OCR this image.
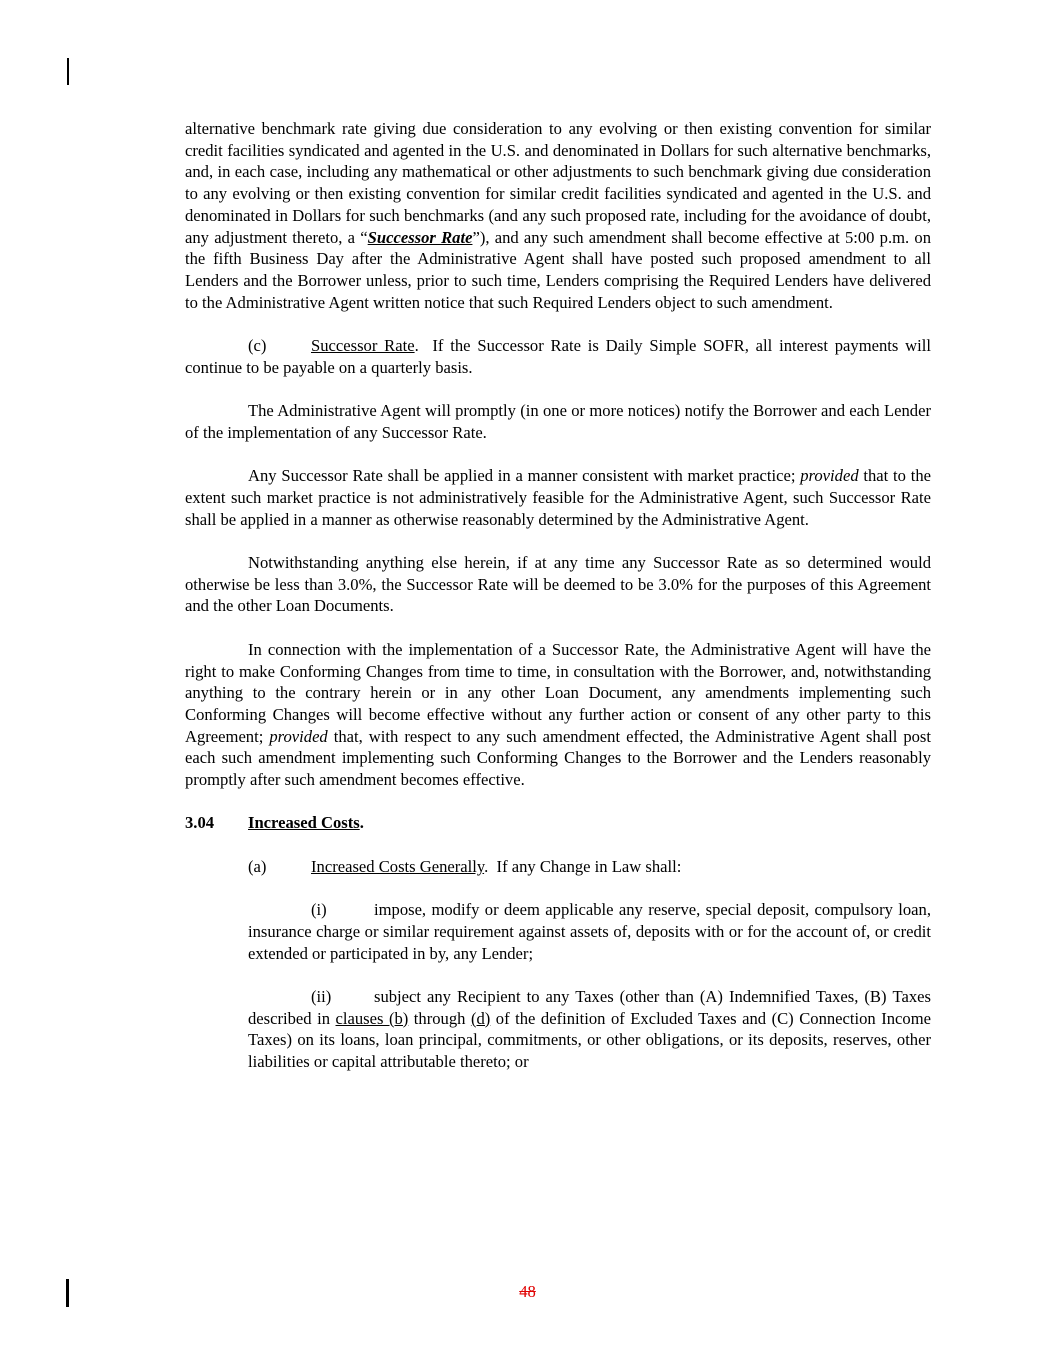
alternative benchmark rate giving due consideration to any evolving or then existing convention for similar credit facilities syndicated and agented in the U.S. and denominated in Dollars for such alternative benchmarks, and, in each case, including any mathematical or other adjustments to such benchmark giving due consideration to any evolving or then existing convention for similar credit facilities syndicated and agented in the U.S. and denominated in Dollars for such benchmarks (and any such proposed rate, including for the avoidance of doubt, any adjustment thereto, a “Successor Rate”), and any such amendment shall become effective at 5:00 p.m. on the fifth Business Day after the Administrative Agent shall have posted such proposed amendment to all Lenders and the Borrower unless, prior to such time, Lenders comprising the Required Lenders have delivered to the Administrative Agent written notice that such Required Lenders object to such amendment.

(c)	Successor Rate.  If the Successor Rate is Daily Simple SOFR, all interest payments will continue to be payable on a quarterly basis.

The Administrative Agent will promptly (in one or more notices) notify the Borrower and each Lender of the implementation of any Successor Rate.

Any Successor Rate shall be applied in a manner consistent with market practice; provided that to the extent such market practice is not administratively feasible for the Administrative Agent, such Successor Rate shall be applied in a manner as otherwise reasonably determined by the Administrative Agent.

Notwithstanding anything else herein, if at any time any Successor Rate as so determined would otherwise be less than 3.0%, the Successor Rate will be deemed to be 3.0% for the purposes of this Agreement and the other Loan Documents.

In connection with the implementation of a Successor Rate, the Administrative Agent will have the right to make Conforming Changes from time to time, in consultation with the Borrower, and, notwithstanding anything to the contrary herein or in any other Loan Document, any amendments implementing such Conforming Changes will become effective without any further action or consent of any other party to this Agreement; provided that, with respect to any such amendment effected, the Administrative Agent shall post each such amendment implementing such Conforming Changes to the Borrower and the Lenders reasonably promptly after such amendment becomes effective.

3.04 Increased Costs.

(a)	Increased Costs Generally.  If any Change in Law shall:

(i)	impose, modify or deem applicable any reserve, special deposit, compulsory loan, insurance charge or similar requirement against assets of, deposits with or for the account of, or credit extended or participated in by, any Lender;

(ii)	subject any Recipient to any Taxes (other than (A) Indemnified Taxes, (B) Taxes described in clauses (b) through (d) of the definition of Excluded Taxes and (C) Connection Income Taxes) on its loans, loan principal, commitments, or other obligations, or its deposits, reserves, other liabilities or capital attributable thereto; or

48
